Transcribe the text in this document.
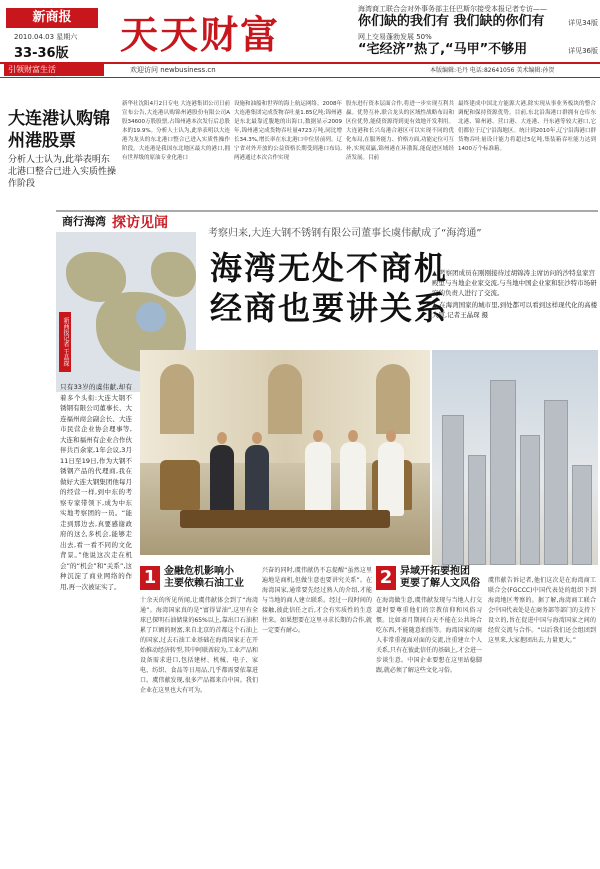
新商报
2010.04.03 星期六
33-36版 天天财富
海湾商工联合会对外事务部主任巴斯尔接受本报记者专访——
你们缺的我们有 我们缺的你们有	详见34版
网上交易蓬勃发展 50%
“宅经济”热了,“马甲”不够用	详见36版
引领财富生活	欢迎访问 newbusiness.cn	本版编辑:毛丹 电话:82641056 美术编辑:孙贺
大连港认购锦州港股票
分析人士认为,此举表明东北港口整合已进入实质性操作阶段
新华社沈阳4月2日专电 大连港集团公司日前宣布公告,大连港认购锦州港股份有限公司A股34600万股股票,占锦州港本次发行后总股本的19.9%。分析人士认为,此举表明以大连港为龙头的东北港口整合已进入实质性操作阶段。大连港是我国东北地区最大的港口,拥有世界级的原油专业化港口
设施和油船和世界的海上航运网络。2008年大连港集团完成货物吞吐量1.85亿吨;锦州港是东北最靠近腹地的出海口,数据显示2009年,锦州港完成货物吞吐量4723万吨,同比增长34.3%,增长率在东北港口中位居前列。辽宁省对外开放的公益资格长期受到港口布局,两港通过本次合作实现
股东进行资本层面合作,将进一步实现互利共赢。优势互补,联合龙头的区域性战略布局和区位优势,能使资源得到更有效地开发利用。大连港和长兴岛港合港区可以实现不同的优化布局,在服务能力、价格方面,功能定位可互补,实现双赢,锦州港在环渤海,能促进区域经济发展。目前
最终建成中国北方能源大港,除实现从事业务板块的整合调配和保持资源优势。目前,东北沿海港口群拥有仓库东北港、锦州港、营口港、大连港、丹东港等较大港口,它们都位于辽宁沿海地区。统计到2010年,辽宁沿海港口群货物吞吐量设计能力将超过5亿吨,集装箱吞吐能力达到1400万个标准箱。
商行海湾 探访见闻
考察归来,大连大钢不锈钢有限公司董事长虞伟献成了“海湾通”
海湾无处不商机
经商也要讲关系
新商报记者 王晶琛
只有33岁的虞伟献,却有着多个头衔:大连大钢不锈钢有限公司董事长、大连福州商会副会长、大连市民营企业协会理事等,大连和福州有企业合作伙伴共百余家,1年会议,3月11日至19日,作为大钢不锈钢产品的代理商,我在做好大连大钢集团他每月的经营一样,到中东的考察专家带领下,成为中东实地考察团的一员。“能走到那边去,真要感谢政府的这么多机会,能够走出去,看一看不同的文化背景。”他说这次走在机会”的“机会”和“关系”,这种沉淀了商业网络的作用,再一次被证实了。
▲ 考察团成员在刚刚接待过胡锦涛主席访问的沙特皇家宫殿里与当地企业家交流,与当地中国企业家和驻沙特市场研究的负责人进行了交流。
▲ 在海湾国家的城市里,到处都可以看到这样现代化的高楼大厦,记者王晶琛 摄
1 金融危机影响小
主要依赖石油工业
十余天的所见所闻,让虞伟献体会到了“海湾通”。海湾国家真的是“富得冒油”,这里有全球已探明石油储量的65%以上,靠出口石油积累了巨额的财富,来自北京的首都这个石油上的国家,过去石油工业基础在海湾国家正在开始推动经济转型,其中阿联酋较为,工业产品和设备需求进口,包括建材、机械、电子、家电、纺织、食品等日用品,几乎都需要依靠进口。虞伟献发现,很多产品都来自中国。我们企业在这里也大有可为。
兴奋的同时,虞伟献仍不忘提醒“虽然这里遍地是商机,但做生意也要讲究关系”。在海湾国家,通常要先经过熟人的介绍,才能与当地的商人建立联系。经过一段时间的接触,彼此信任之后,才会有实质性的生意往来。如果想要在这里寻求长期的合作,就一定要有耐心。
2 异域开拓要抱团
更要了解人文风俗
在海湾做生意,虞伟献发现与当地人打交道时要尊重他们的宗教信仰和风俗习惯。比如斋月期间白天不能在公共场合吃东西,不能随意拍照等。海湾国家的商人非常重视面对面的交流,注重建立个人关系,只有在彼此信任的基础上,才会进一步谈生意。中国企业要想在这里站稳脚跟,就必须了解这些文化习俗。
虞伟献告诉记者,他们这次是在海湾商工联合会(FGCCC)中国代表处的组织下到海湾地区考察的。据了解,海湾商工联合会中国代表处是在商务部等部门的支持下设立的,旨在促进中国与海湾国家之间的经贸交流与合作。“以后我们还会组团到这里来,大家抱团出去,力量更大。”
